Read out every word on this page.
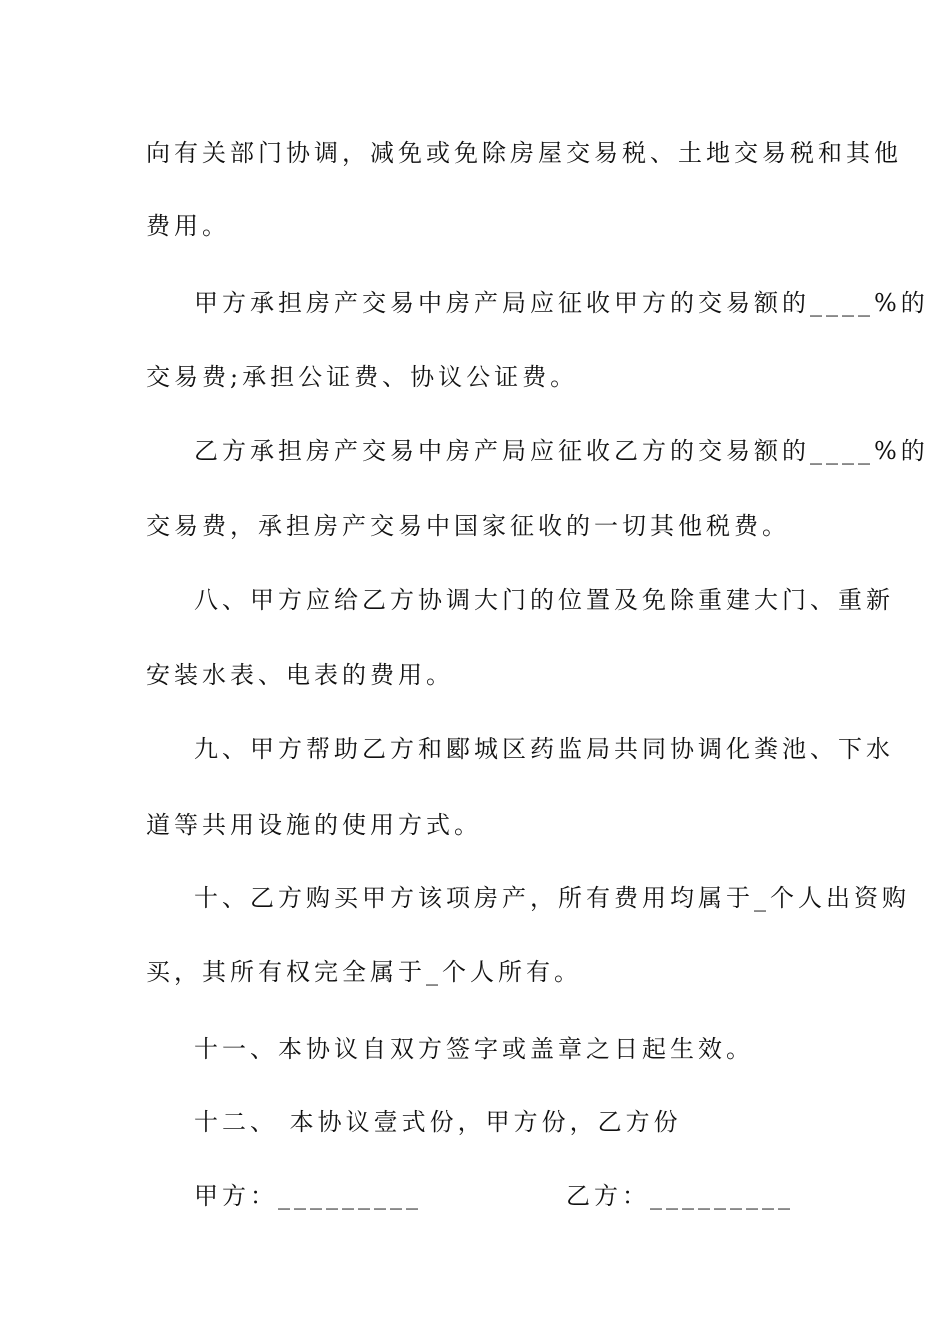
向有关部门协调，减免或免除房屋交易税、土地交易税和其他
费用。
甲方承担房产交易中房产局应征收甲方的交易额的____%的
交易费;承担公证费、协议公证费。
乙方承担房产交易中房产局应征收乙方的交易额的____%的
交易费，承担房产交易中国家征收的一切其他税费。
八、甲方应给乙方协调大门的位置及免除重建大门、重新
安装水表、电表的费用。
九、甲方帮助乙方和郾城区药监局共同协调化粪池、下水
道等共用设施的使用方式。
十、乙方购买甲方该项房产，所有费用均属于_个人出资购
买，其所有权完全属于_个人所有。
十一、本协议自双方签字或盖章之日起生效。
十二、 本协议壹式份，甲方份，乙方份
甲方：_________	乙方：_________
